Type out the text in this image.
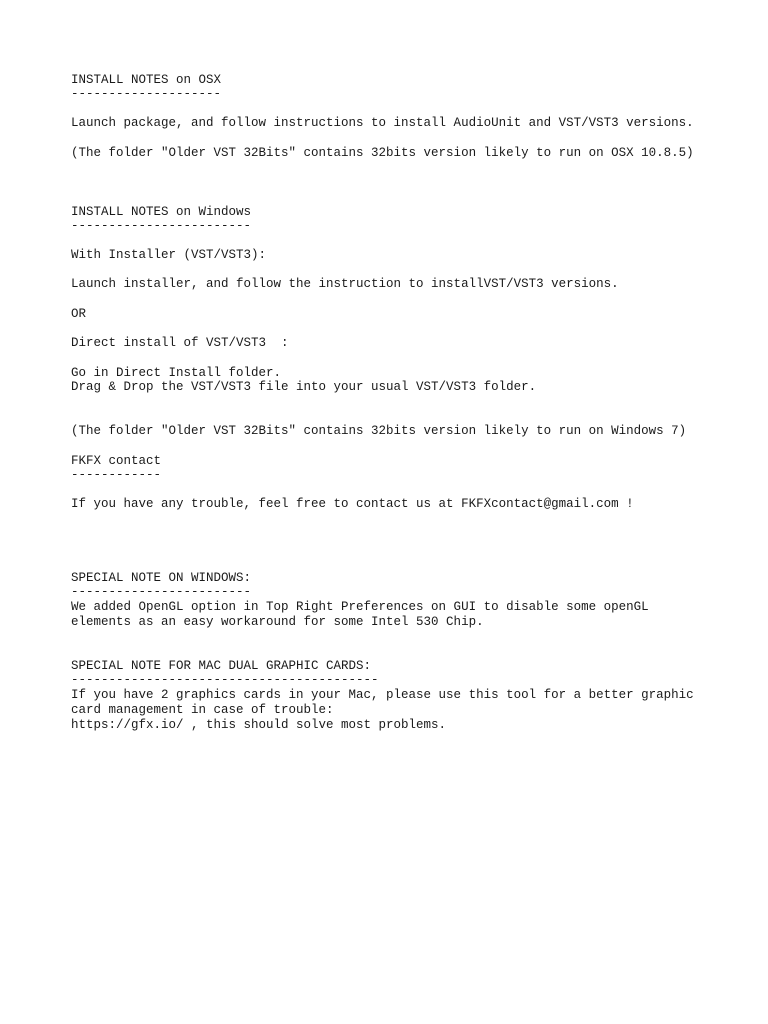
INSTALL NOTES on OSX
--------------------
Launch package, and follow instructions to install AudioUnit and VST/VST3 versions.
(The folder "Older VST 32Bits" contains 32bits version likely to run on OSX 10.8.5)
INSTALL NOTES on Windows
------------------------
With Installer (VST/VST3):
Launch installer, and follow the instruction to installVST/VST3 versions.
OR
Direct install of VST/VST3  :
Go in Direct Install folder.
Drag & Drop the VST/VST3 file into your usual VST/VST3 folder.
(The folder "Older VST 32Bits" contains 32bits version likely to run on Windows 7)
FKFX contact
------------
If you have any trouble, feel free to contact us at FKFXcontact@gmail.com !
SPECIAL NOTE ON WINDOWS:
------------------------
We added OpenGL option in Top Right Preferences on GUI to disable some openGL
elements as an easy workaround for some Intel 530 Chip.
SPECIAL NOTE FOR MAC DUAL GRAPHIC CARDS:
-----------------------------------------
If you have 2 graphics cards in your Mac, please use this tool for a better graphic
card management in case of trouble:
https://gfx.io/ , this should solve most problems.
